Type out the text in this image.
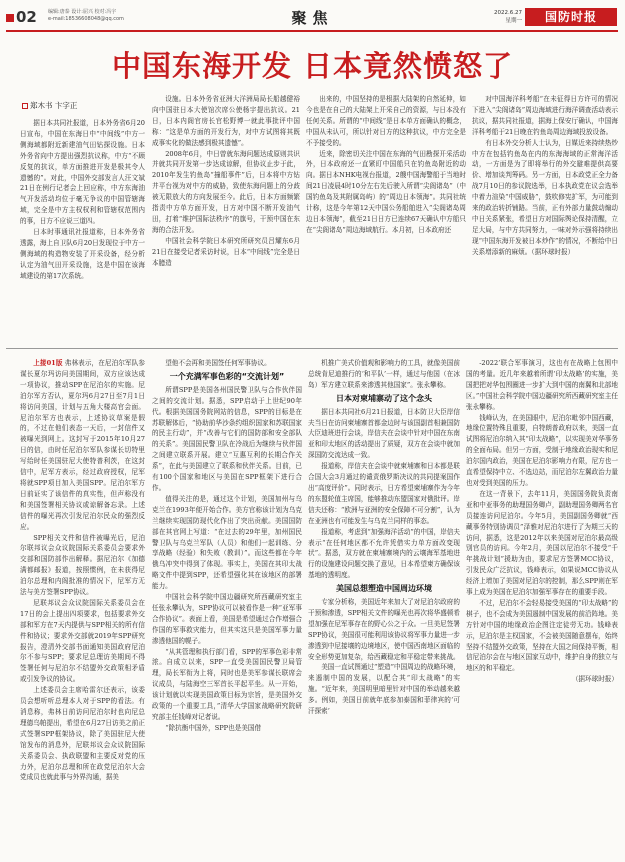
02 编辑:唐泰 设计:屈兴 校对:冯宇
e-mail:18536608048@qq.com	聚焦	2022.6.27
星期一	国防时报
中国东海开发 日本竟然愤怒了
郑木书 卞字正

据日本共同社报道，日本外务省6月20日宣布，中国在东海日中“中间线”中方一侧海域都附近新建油气田钻探设施。日本外务省向中方提出强烈抗议称，中方“不顾反复的抗议，单方面推进开发是极其令人遗憾的”。对此，中国外交部发言人汪文斌21日在例行记者会上回应称，中方东海油气开发活动均位于毫无争议的中国管辖海域，完全是中方主权权利和管辖权范围内的事，日方不应说三道四。

日本时事通讯社报道称，日本外务省透露，海上自卫队6月20日发现位于中方一侧海域的构造物安装了开采设备，经分析认定为油气田开采设施，这是中国在该海域建设的第17次系统。

设施。日本外务省亚洲大洋洲局局长船越健裕向中国驻日本大使馆次席公使杨宇提出抗议。21日，日本内阁官房长官松野博一就此事批评中国称：“这是单方面的开发行为，对中方试图将其既成事实化的做法感到极其遗憾”。

2008年6月，中日曾就东海问题达成原则共识并就共同开发第一步达成谅解，但协议止步于此，2010年发生钓鱼岛“撞船事件”后，日本将中方钻井平台视为对中方的威胁，致使东海问题上的分歧被无限放大的方向发展至今。此后，日本方面频繁指责中方单方面开发，日方对中国不断开发油气田，打着“维护国际法秩序”的旗号，干预中国在东海的合法开发。

中国社会科学院日本研究所研究员吕耀东6月21日在接受记者采访时说，日本“中间线”完全是日本臆造

出来的，中国坚持的是根据大陆架的自然延伸，如今也是在自己的大陆架上开采自己的资源，与日本没有任何关系。所谓的“中间线”是日本单方面确认的概念，中国从未认可，所以针对日方的这种抗议，中方完全是不予接受的。

近来，除密切关注中国在东海的气田勘探开采活动外，日本政府还一直紧盯中国船只在钓鱼岛附近的动向。据日本NHK电视台报道，2艘中国海警船于当地时间21日凌晨4时10分左右先后驶入所谓“尖阁诸岛”（中国钓鱼岛及其附属岛屿）的“周边日本领海”。共同社统计称，这是今年第12天中国公务船舶进入“尖阁诸岛周边日本领海”，截至21日日方已连续67天确认中方船只在“尖阁诸岛”周边海域航行。本月初，日本政府还

对中国海洋科考船“在未征得日方许可的情况下进入“尖阁诸岛”周边海域进行海洋调查活动表示抗议，据共同社报道，据海上保安厅确认，中国海洋科考船于21日晚在钓鱼岛周边海域投放设备。

有日本外交分析人士认为，日媒近来持续热炒中方在包括钓鱼岛在内的东海海域的正常海洋活动，一方面是为了即将举行的外交避难提供高要价、增加谈判筹码。另一方面，日本政党正全力备战7月10日的参议院选举，日本执政党在议会选举中着力渲染“中国威胁”，鼓吹修宪扩军，为可能到来的政治转折铺路。当前，正有外部力量鼓动煽动中日关系紧张，希望日方对国际舆论保持清醒，立足大局，与中方共同努力，一味对外示强将持续出现“中国东海开发被日本炒作”的情况，不断给中日关系增添新的麻烦。（据环球时报）

上接01版 弗林表示，在尼泊尔军队参谋长夏尔玛访问美国期间，双方应该达成一项协议，推动SPP在尼泊尔的实施。尼泊尔军方否认，夏尔玛6月27日至7月1日将访问美国，计划与五角大楼高官会面。尼泊尔军方也表示，上述协议草案是假的，不过在他们表态一天后，一封信件又被曝光到网上。这封写于2015年10月27日的信，由时任尼泊尔军队参谋长切特里写给时任美国驻尼大使特普利茨，在这封信中，尼军方表示，经过政府授权，尼军将就SPP项目加入美国SPP。尼泊尔军方日前证实了该信件的真实性，但声称没有和美国签署相关协议或谅解备忘录。上述信件的曝光再次引发尼泊尔民众的强烈反应。

SPP相关文件和信件被曝光后，尼泊尔联邦议会众议院国际关系委员会要求外交部和国防部作出解释。据尼泊尔《加德满都邮报》报道，按照惯例，在未获得尼泊尔总理和内阁批准的情况下，尼军方无法与美方签署SPP协议。

尼联邦议会众议院国际关系委员会在17日的会上提出四项要求，包括要求外交部和军方在7天内提供与SPP相关的所有信件和协议；要求外交部就2019年SPP研究报告，澄清外交部书面通知美国政府尼泊尔不参与SPP；要求尼总理访美期间不得签署任何与尼泊尔不结盟外交政策相矛盾或引发争议的协议。

上述委员会主席哈雷尔还表示，该委员会想听听总理本人对于SPP的看法。有消息称，弗林日前访问尼泊尔时也向尼总理德乌帕提出，希望在6月27日访美之前正式签署SPP框架协议，除了美国驻尼大使馆发布的消息外，尼联邦议会众议院国际关系委员会、执政联盟和主要反对党的压力外，尼泊尔总理和所在政党尼泊尔大会党成员也就此事与外界沟通，据美

望他不会再和美国签任何军事协议。

一个充满军事色彩的“交流计划”

所谓SPP是美国各州国民警卫队与合作伙伴国之间的交流计划。据悉，SPP启动于上世纪90年代。根据美国国务院网站的信息，SPP的目标是在苏联解体后，“协助前华沙条约组织国家和苏联国家的民主行动”，并“改善与它们的国防部和安全部队的关系”。美国国民警卫队在冷战后为继续与伙伴国之间建立联系开展。建立“互惠互利的长期合作关系”，在此与美国建立了联系和伙伴关系。目前，已有100个国家和地区与美国在SPP框架下进行合作。

值得关注的是，通过这个计划，美国加州与乌克兰在1993年便开始合作。美方官称该计划为乌克兰继续实现国防现代化作出了突出贡献。美国国防部在其官网上写道：“在过去的29年里，加州国民警卫队与乌克兰军队（人员）和他们一起训练、分享战略（经验）和失败（教训）”。而这些都在今年俄乌冲突中得到了体现。事实上，美国在其印太战略文件中提到SPP，还希望强化其在该地区的部署能力。

中国社会科学院中国边疆研究所西藏研究室主任张永攀认为，SPP协议可以被看作是一种“亚军事合作协议”。表面上看，美国是希望通过合作增强合作国的军事救灾能力，但其实这只是美国军事力量渗透他国的幌子。

“从其管理和执行部门看，SPP的军事色彩非常浓。自成立以来，SPP一直受美国国民警卫局管理，局长军衔为上将，同时也是美军参谋长联席会议成员，与陆海空三军首长平起平坐。从一开始，该计划就以实现美国政策目标为宗旨，是美国外交政策的一个重要工具，”清华大学国家战略研究院研究部主任钱峰对记者说。

“除抗衡中国外，SPP也是美国借

机推广美式价值观和影响力的工具，就像美国前总统肯尼迪推行的‘和平队’一样，通过与他国（在冰岛）军方建立联系来渗透其他国家”。张永攀称。

日本对柬埔寨动了这个念头

据日本共同社6月21日报道，日本防卫大臣岸信夫当日在访问柬埔寨首都金边时与该国副首相兼国防大臣迪班进行会谈，岸信夫在会谈中针对中国在东南亚和印太地区的活动提出了质疑，双方在会谈中就加深国防交流达成一致。

报道称，岸信夫在会谈中就柬埔寨和日本都是联合国大会3月通过的谴责俄罗斯决议的共同提案国作出“高度评价”。同时表示，日方希望柬埔寨作为今年的东盟轮值主席国，能够推动东盟国家对俄批评。岸信夫还称：“欧洲与亚洲的安全保障不可分割”，认为在亚洲也有可能发生与乌克兰同样的事态。

报道称，考虑到“加强海洋活动”的中国，岸信夫表示“在任何地区都不允许凭借实力单方面改变现状”。据悉，双方就在柬埔寨境内的云壤海军基地进行的设施建设问题交换了意见，日本希望柬方确保该基地的透明度。

美国总想塑造中国周边环境

专家分析称，美国近年来加大了对尼泊尔政府的干预和渗透，SPP相关文件的曝光也再次将华盛顿希望加强在尼军事存在的野心公之于众。一旦美尼签署SPP协议，美国很可能利用该协议将军事力量进一步渗透到中尼接壤的边境地区，使中国西南地区面临的安全形势更加复杂，给西藏稳定和平稳定带来挑战。

美国一直试图通过“塑造”中国周边的战略环境，来遏制中国的发展，以配合其“印太战略”的实施。“近年来，美国明里暗里针对中国的举动越来越多。例如，美国日前就年底参加泰国和菲律宾的‘可汗探索’

-2022’联合军事演习，这也有在战略上包围中国的考量。近几年来越着所谓‘印太战略’的实施，美国把把对华包围圈进一步扩大到中国的南翼和北部地区。”中国社会科学院中国边疆研究所西藏研究室主任张永攀称。

钱峰认为，在美国眼中，尼泊尔毗邻中国西藏，地缘位置特殊且重要，自特朗普政府以来，美国一直试图将尼泊尔纳入其“印太战略”，以实现美对华事务的全面布局。但另一方面，受制于地缘政治现实和尼泊尔国内政治，美国在尼泊尔影响力有限，尼方也一直希望保持中立、不选边站，而尼泊尔左翼政治力量也对受到美国的压力。

在这一背景下，去年11月，美国国务院负责南亚和中亚事务的助理国务卿卢，副助理国务卿两名官员接连访问尼泊尔。今年5月，美国副国务卿就“西藏事务特别协调员”泽雅对尼泊尔进行了为期三天的访问，据悉，这是2012年以来美国对尼泊尔最高级别官员的访问。今年2月，美国以尼泊尔不接受“千年挑战计划”援助为由，要求尼方签署MCC协议，引发民众广泛抗议，钱峰表示，如果说MCC协议从经济上增加了美国对尼泊尔的控制，那么SPP则在军事上成为美国在尼泊尔加强军事存在的重要手段。

不过，尼泊尔不会轻易接受美国的“印太战略”的棋子，也不会成为美国遏制中国发展的前沿阵地。美方针对中国的地缘政治企图注定徒劳无功。钱峰表示，尼泊尔是主权国家，不会被美国随意摆布，始终坚持不结盟外交政策，坚持在大国之间保持平衡，相信尼泊尔会在与地区国家互动中，维护自身的独立与地区的和平稳定。

（据环球时报）
